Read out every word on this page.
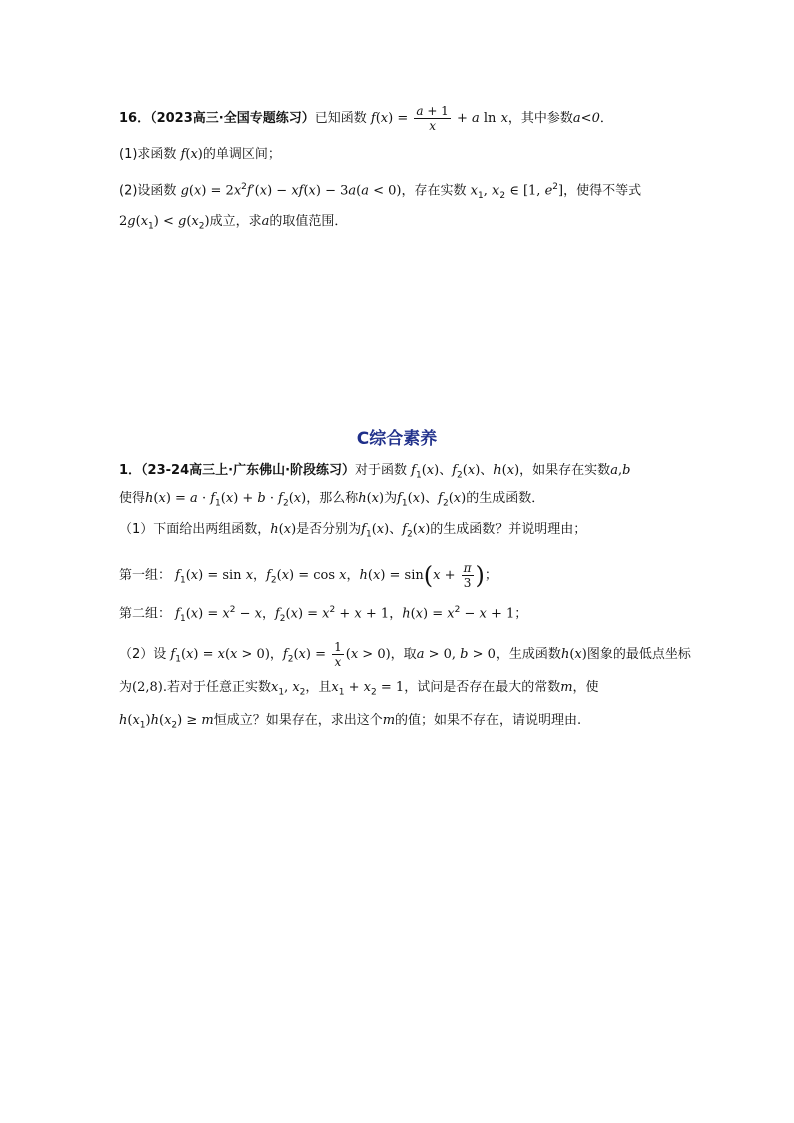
16．（2023高三·全国专题练习）已知函数 $f(x) = \frac{a + 1}{x} + a$ ln x，其中参数a<0．
(1)求函数 f(x)的单调区间；
(2)设函数 $g(x) = 2x^2f'(x) - xf(x) - 3a(a < 0)$，存在实数 $x_1$, $x_2$ ∈ [1, $e^2$]，使得不等式
$2g(x_1) < g(x_2)$成立，求a的取值范围．
C综合素养
1．（23-24高三上·广东佛山·阶段练习）对于函数 $f_1(x)$、$f_2(x)$、h(x)，如果存在实数a,b
使得$h(x) = a \cdot f_1(x) + b \cdot f_2(x)$，那么称h(x)为$f_1(x)$、$f_2(x)$的生成函数．
（1）下面给出两组函数，h(x)是否分别为$f_1(x)$、$f_2(x)$的生成函数？并说明理由；
第一组： $f_1(x) = \sin x$，$f_2(x) = \cos x$，$h(x) = \sin(x + \frac{\pi}{3}$ )；
第二组： $f_1(x) = x^2 - x$，$f_2(x) = x^2 + x + 1$，$h(x) = x^2 - x + 1$；
（2）设 $f_1(x) = x(x > 0)$，$f_2(x) = \frac{1}{x} (x > 0)$，取a > 0, b > 0，生成函数h(x)图象的最低点坐标
为(2,8).若对于任意正实数$x_1$, $x_2$，且$x_1 + x_2 = 1$，试问是否存在最大的常数m，使
$h(x_1)h(x_2) \ge m$恒成立？如果存在，求出这个m的值；如果不存在，请说明理由.
